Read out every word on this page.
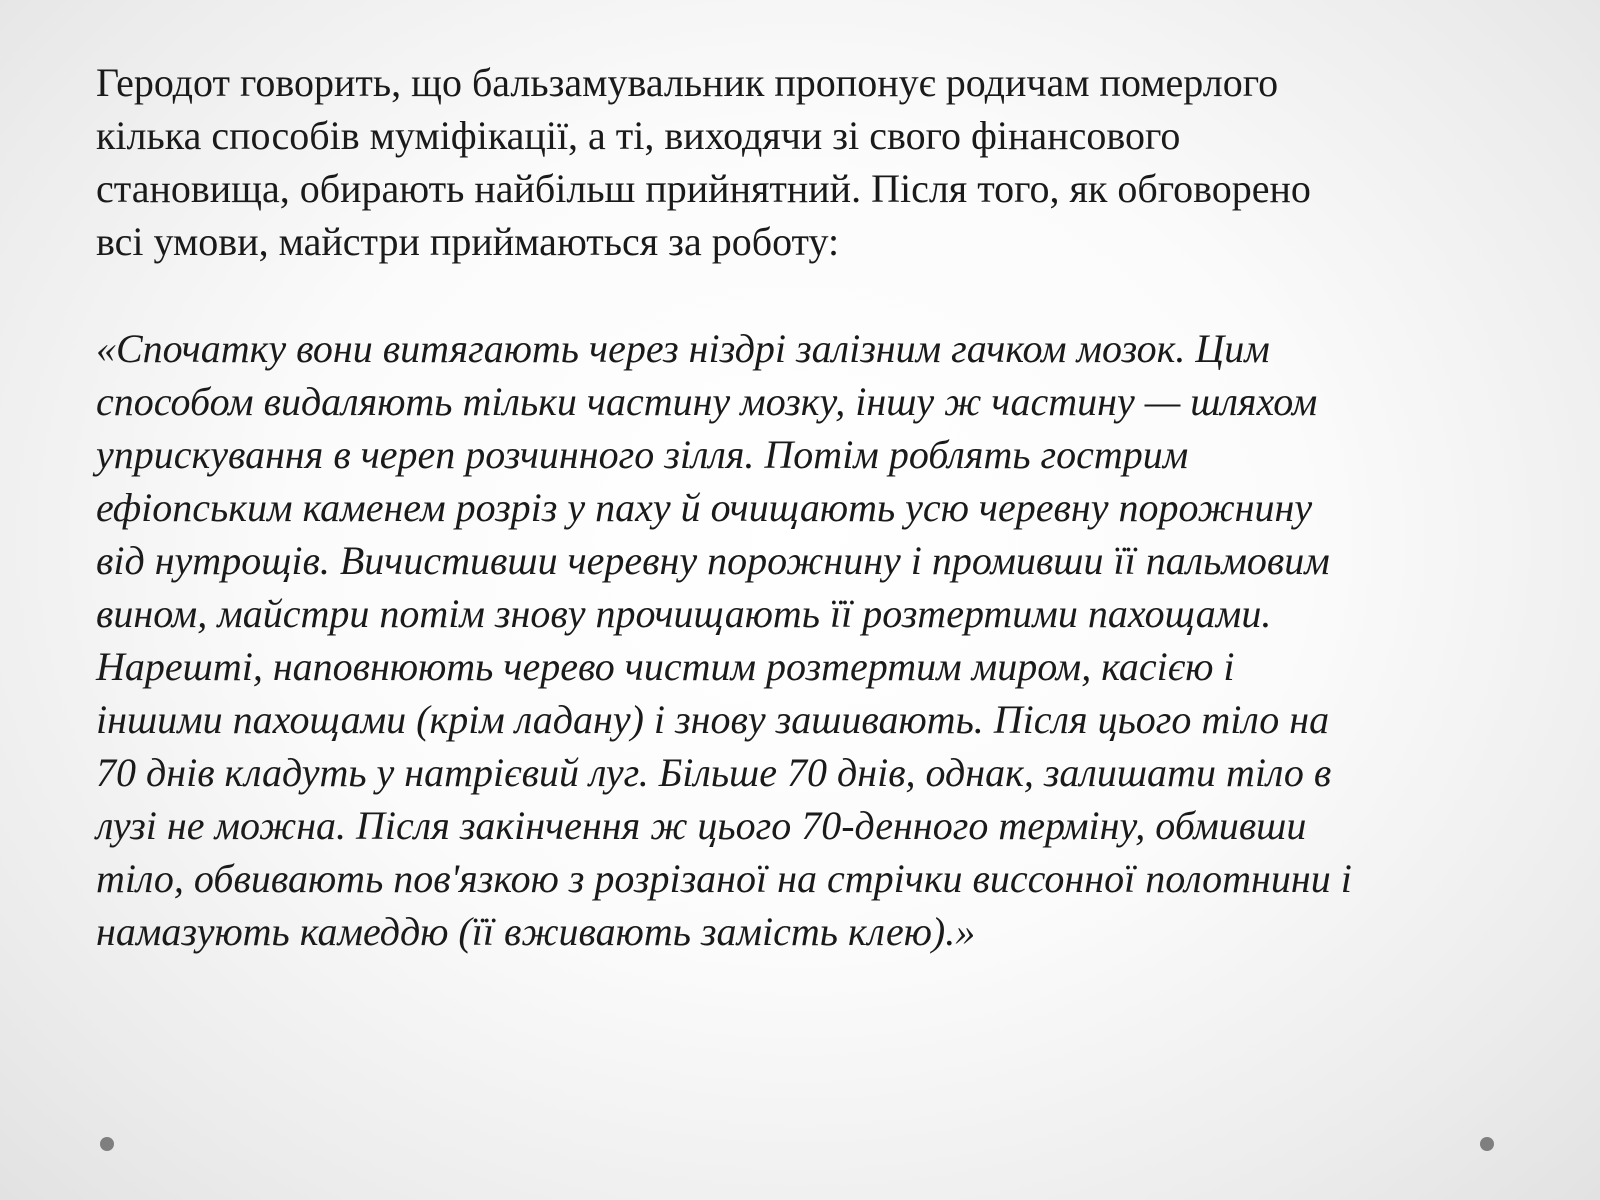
Геродот говорить, що бальзамувальник пропонує родичам померлого
кілька способів муміфікації, а ті, виходячи зі свого фінансового
становища, обирають найбільш прийнятний. Після того, як обговорено
всі умови, майстри приймаються за роботу:

«Спочатку вони витягають через ніздрі залізним гачком мозок. Цим
способом видаляють тільки частину мозку, іншу ж частину — шляхом
уприскування в череп розчинного зілля. Потім роблять гострим
ефіопським каменем розріз у паху й очищають усю черевну порожнину
від нутрощів. Вичистивши черевну порожнину і промивши її пальмовим
вином, майстри потім знову прочищають її розтертими пахощами.
Нарешті, наповнюють черево чистим розтертим миром, касією і
іншими пахощами (крім ладану) і знову зашивають. Після цього тіло на
70 днів кладуть у натрієвий луг. Більше 70 днів, однак, залишати тіло в
лузі не можна. Після закінчення ж цього 70-денного терміну, обмивши
тіло, обвивають пов'язкою з розрізаної на стрічки виссонної полотнини і
намазують камеддю (її вживають замість клею).»
